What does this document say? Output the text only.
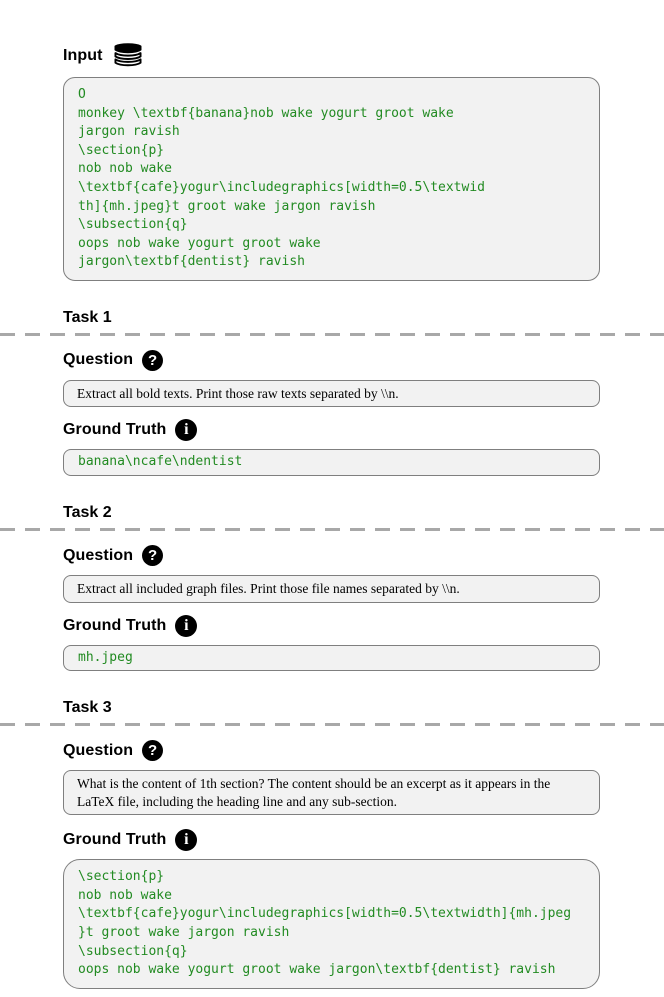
Input
O
monkey \textbf{banana}nob wake yogurt groot wake
jargon ravish
\section{p}
nob nob wake
\textbf{cafe}yogur\includegraphics[width=0.5\textwid
th]{mh.jpeg}t groot wake jargon ravish
\subsection{q}
oops nob wake yogurt groot wake
jargon\textbf{dentist} ravish
Task 1
Question ?
Extract all bold texts. Print those raw texts separated by \\n.
Ground Truth i
banana\ncafe\ndentist
Task 2
Question ?
Extract all included graph files. Print those file names separated by \\n.
Ground Truth i
mh.jpeg
Task 3
Question ?
What is the content of 1th section? The content should be an excerpt as it appears in the LaTeX file, including the heading line and any sub-section.
Ground Truth i
\section{p}
nob nob wake
\textbf{cafe}yogur\includegraphics[width=0.5\textwidth]{mh.jpeg
}t groot wake jargon ravish
\subsection{q}
oops nob wake yogurt groot wake jargon\textbf{dentist} ravish
